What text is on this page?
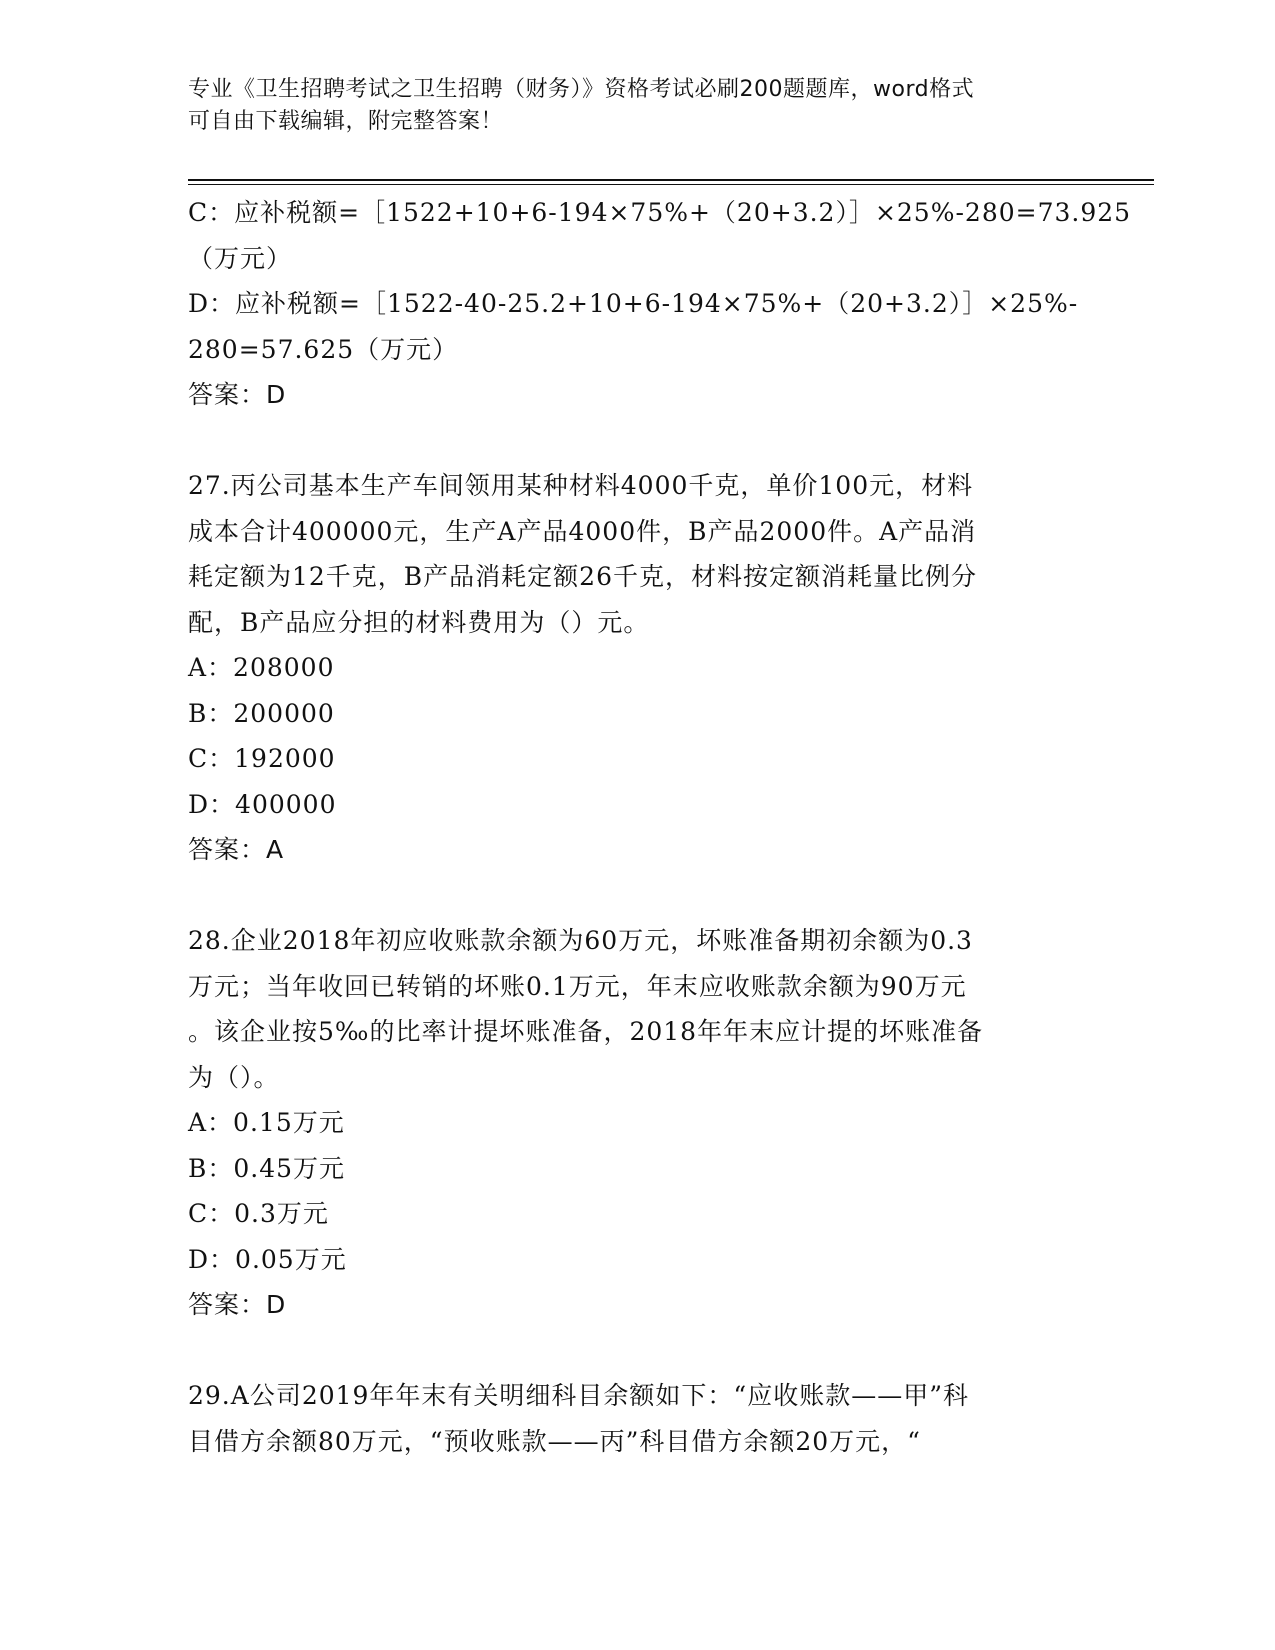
专业《卫生招聘考试之卫生招聘（财务）》资格考试必刷200题题库，word格式
可自由下载编辑，附完整答案！
C：应补税额=［1522+10+6-194×75%+（20+3.2）］×25%-280=73.925
（万元）
D：应补税额=［1522-40-25.2+10+6-194×75%+（20+3.2）］×25%-
280=57.625（万元）
答案：D
27.丙公司基本生产车间领用某种材料4000千克，单价100元，材料
成本合计400000元，生产A产品4000件，B产品2000件。A产品消
耗定额为12千克，B产品消耗定额26千克，材料按定额消耗量比例分
配，B产品应分担的材料费用为（）元。
A：208000
B：200000
C：192000
D：400000
答案：A
28.企业2018年初应收账款余额为60万元，坏账准备期初余额为0.3
万元；当年收回已转销的坏账0.1万元，年末应收账款余额为90万元
。该企业按5‰的比率计提坏账准备，2018年年末应计提的坏账准备
为（）。
A：0.15万元
B：0.45万元
C：0.3万元
D：0.05万元
答案：D
29.A公司2019年年末有关明细科目余额如下：“应收账款——甲”科
目借方余额80万元，“预收账款——丙”科目借方余额20万元，“
